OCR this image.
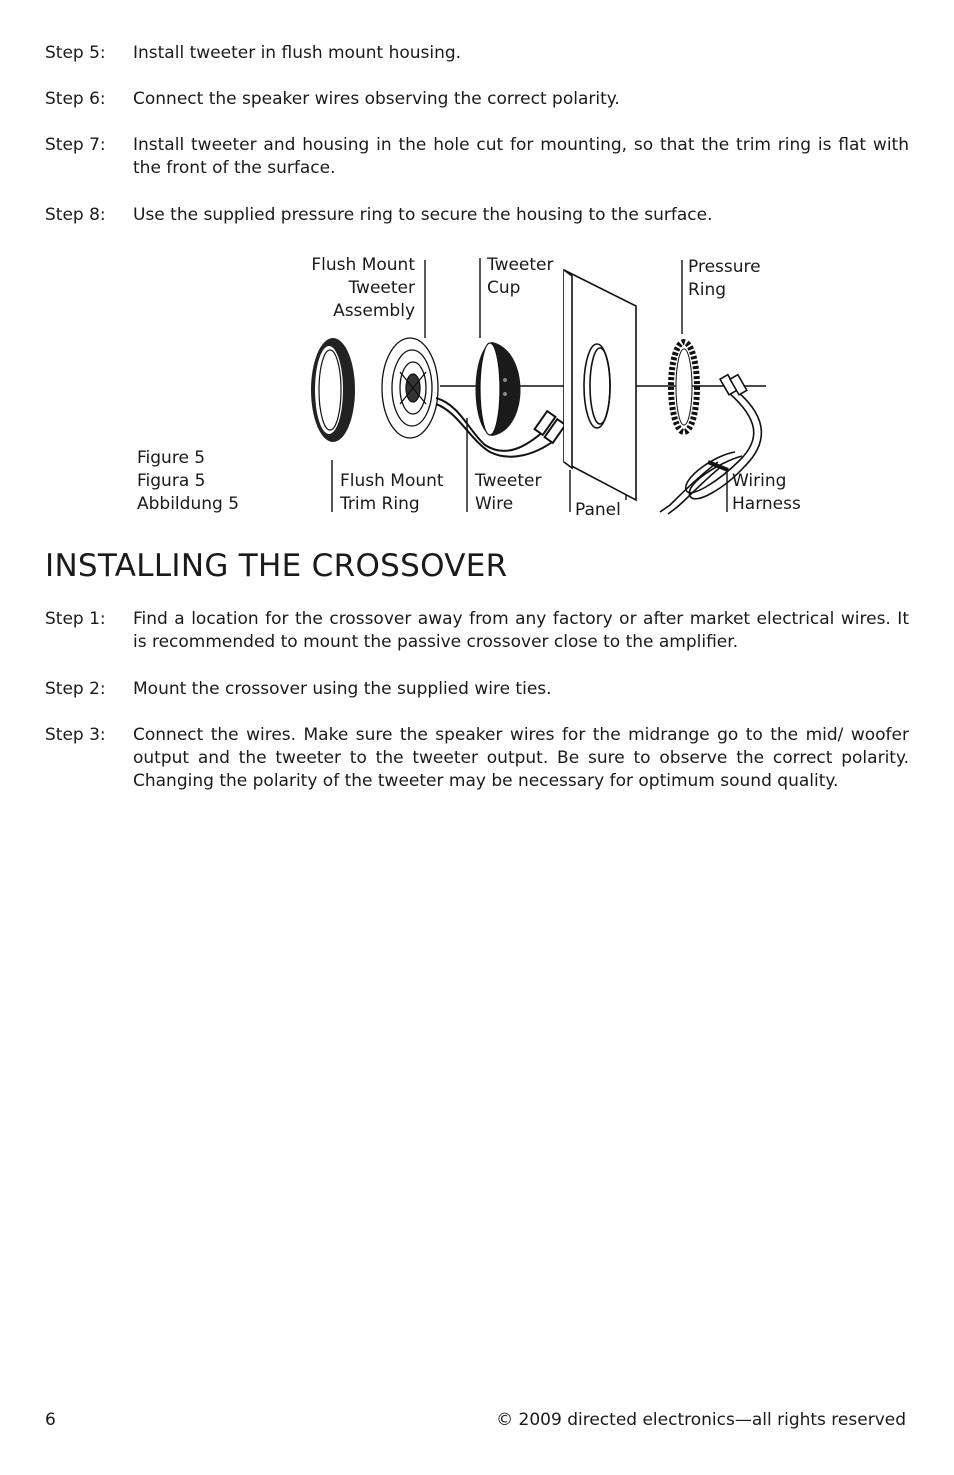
Step 5: Install tweeter in flush mount housing.
Step 6: Connect the speaker wires observing the correct polarity.
Step 7: Install tweeter and housing in the hole cut for mounting, so that the trim ring is flat with the front of the surface.
Step 8: Use the supplied pressure ring to secure the housing to the surface.
Flush Mount
Tweeter
Assembly
Tweeter
Cup
Pressure
Ring
Figure 5
Figura 5
Abbildung 5
Flush Mount
Trim Ring
Tweeter
Wire	Panel
Wiring
Harness
INSTALLING THE CROSSOVER
Step 1: Find a location for the crossover away from any factory or after market electrical wires. It is recommended to mount the passive crossover close to the amplifier.
Step 2: Mount the crossover using the supplied wire ties.
Step 3: Connect the wires. Make sure the speaker wires for the midrange go to the mid/ woofer output and the tweeter to the tweeter output. Be sure to observe the correct polarity. Changing the polarity of the tweeter may be necessary for optimum sound quality.
6	© 2009 directed electronics—all rights reserved
